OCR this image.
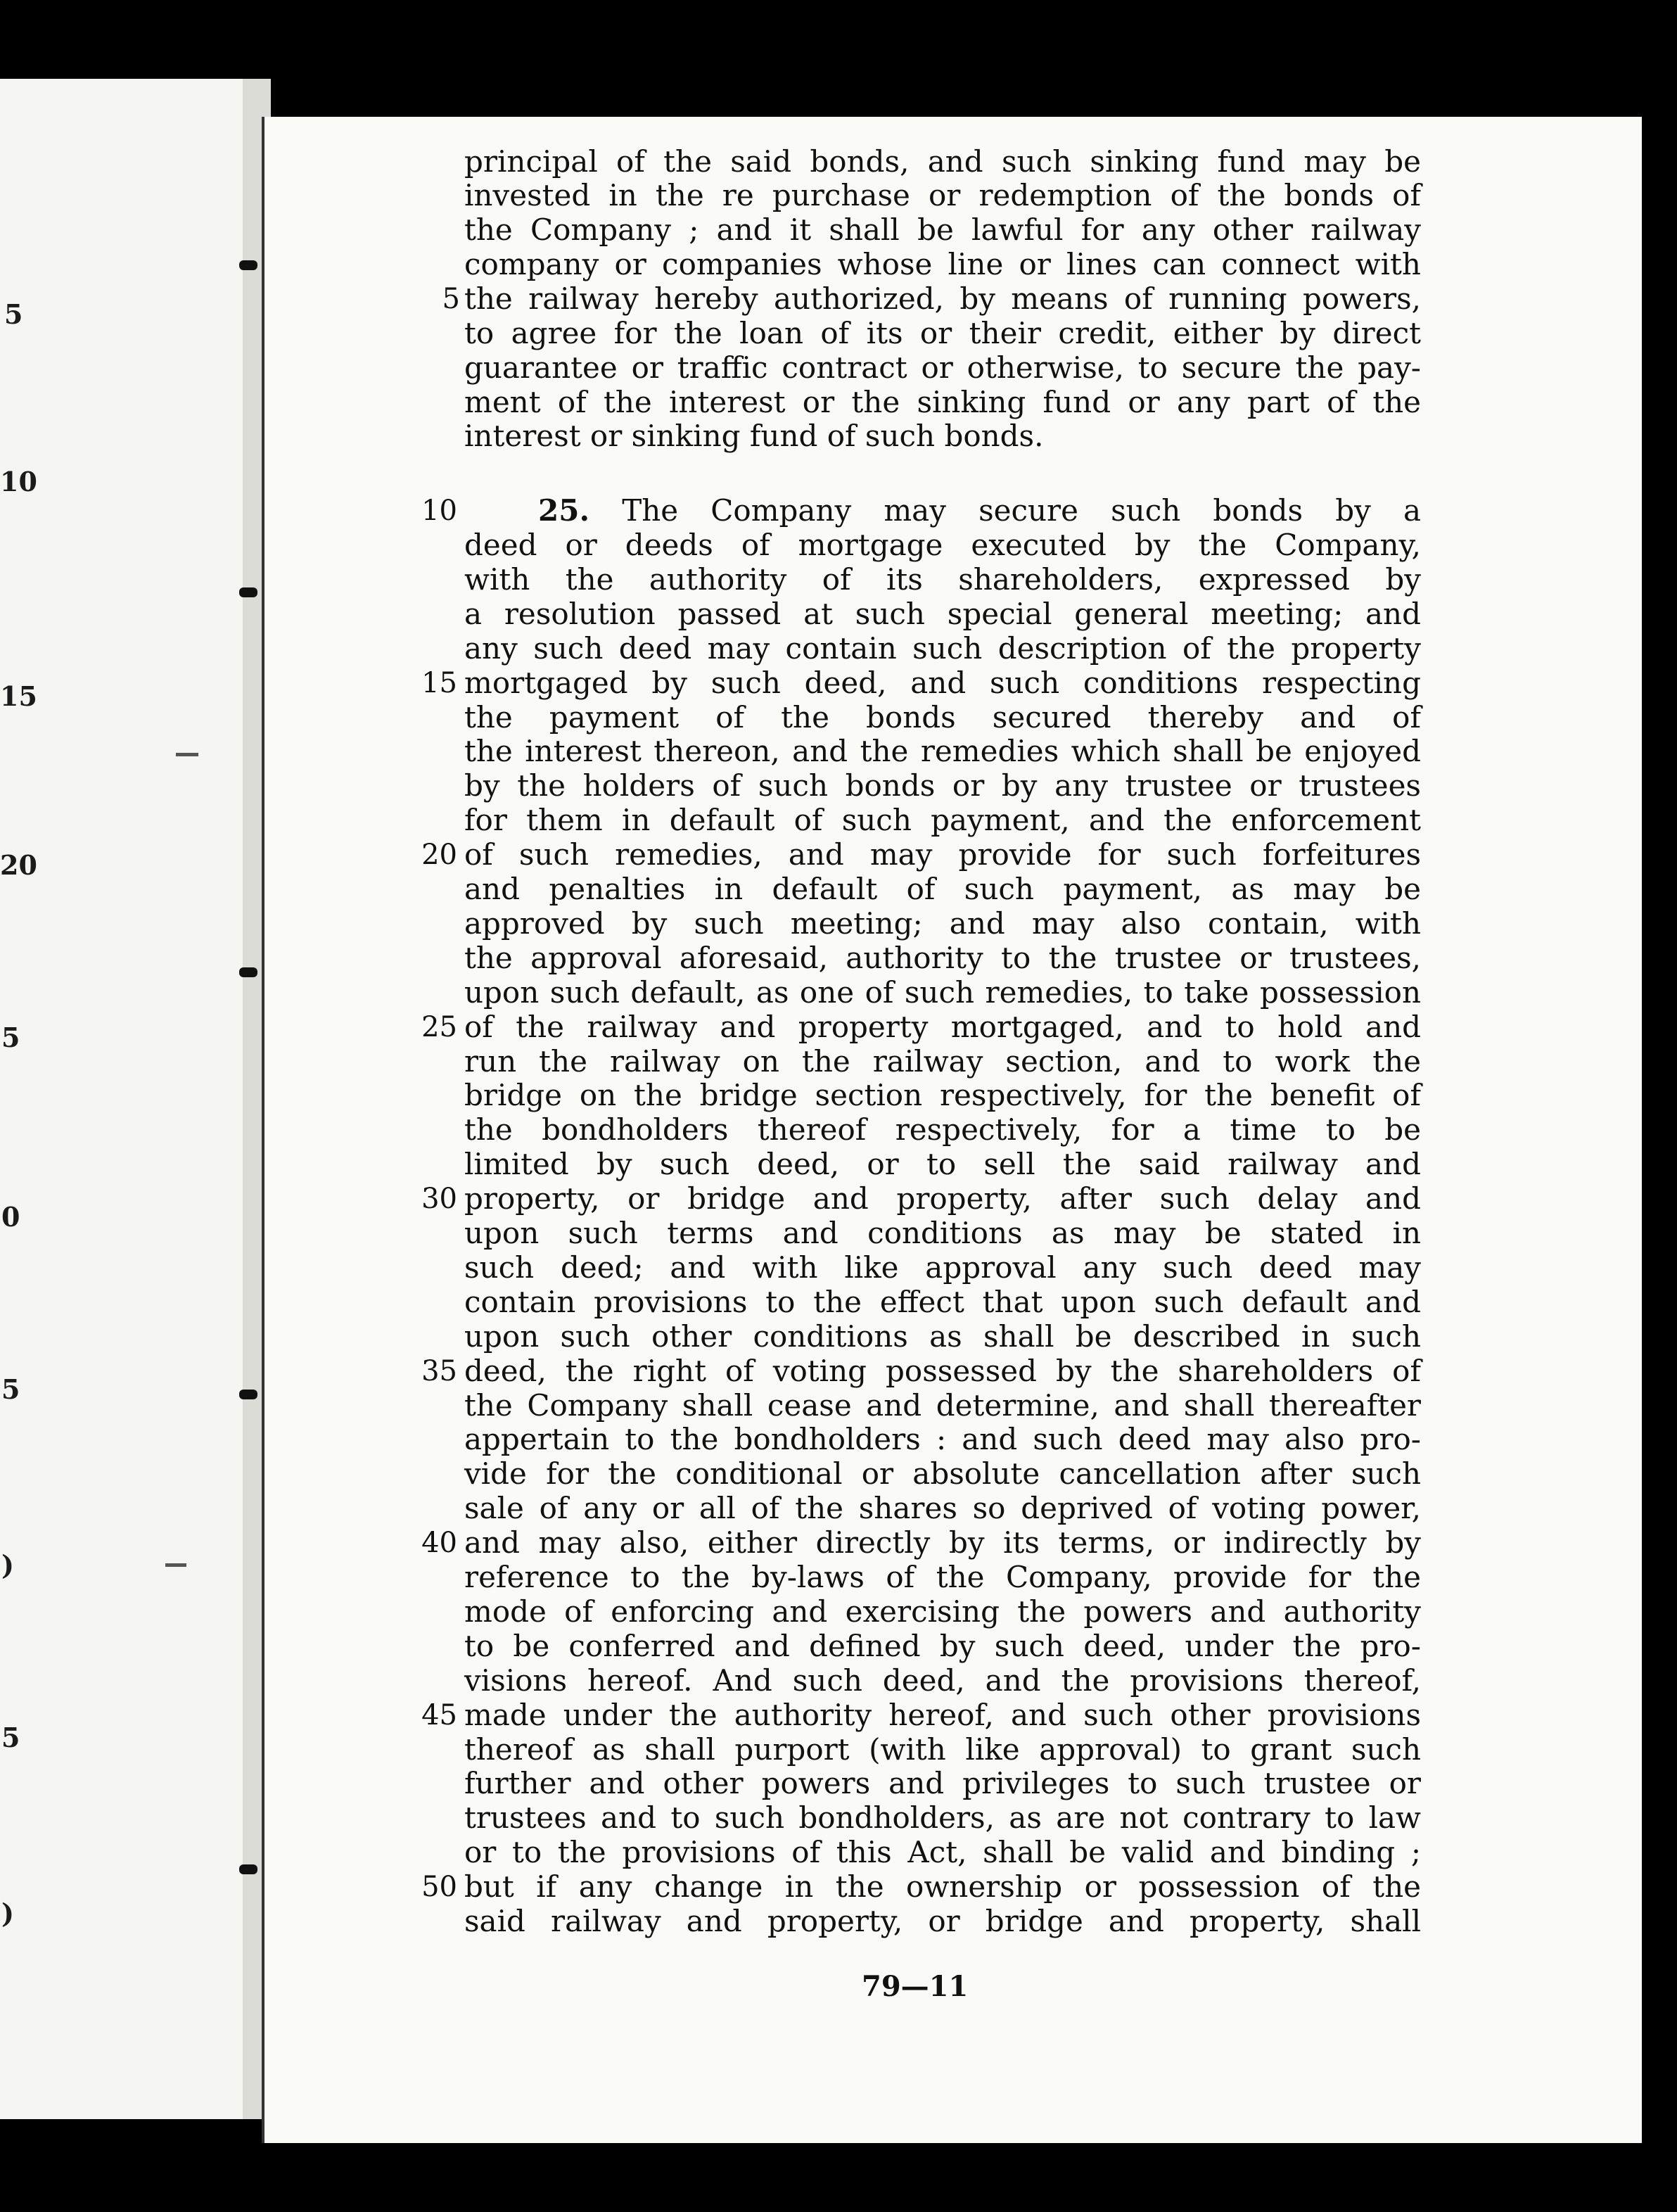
5
10
15
20
5
0
5
)
5
)
principal of the said bonds, and such sinking fund may be
invested in the re purchase or redemption of the bonds of
the Company ; and it shall be lawful for any other railway
company or companies whose line or lines can connect with
5 the railway hereby authorized, by means of running powers,
to agree for the loan of its or their credit, either by direct
guarantee or traffic contract or otherwise, to secure the pay-
ment of the interest or the sinking fund or any part of the
interest or sinking fund of such bonds.
10	25. The Company may secure such bonds by a
deed or deeds of mortgage executed by the Company,
with the authority of its shareholders, expressed by
a resolution passed at such special general meeting; and
any such deed may contain such description of the property
mortgaged by such deed, and such conditions respecting
15
the payment of the bonds secured thereby and of
the interest thereon, and the remedies which shall be enjoyed
by the holders of such bonds or by any trustee or trustees
for them in default of such payment, and the enforcement
of such remedies, and may provide for such forfeitures
20
and penalties in default of such payment, as may be
approved by such meeting; and may also contain, with
the approval aforesaid, authority to the trustee or trustees,
upon such default, as one of such remedies, to take possession
of the railway and property mortgaged, and to hold and
25
run the railway on the railway section, and to work the
bridge on the bridge section respectively, for the benefit of
the bondholders thereof respectively, for a time to be
limited by such deed, or to sell the said railway and
property, or bridge and property, after such delay and
30
upon such terms and conditions as may be stated in
such deed; and with like approval any such deed may
contain provisions to the effect that upon such default and
upon such other conditions as shall be described in such
deed, the right of voting possessed by the shareholders of
35
the Company shall cease and determine, and shall thereafter
appertain to the bondholders : and such deed may also pro-
vide for the conditional or absolute cancellation after such
sale of any or all of the shares so deprived of voting power,
and may also, either directly by its terms, or indirectly by
40
reference to the by-laws of the Company, provide for the
mode of enforcing and exercising the powers and authority
to be conferred and defined by such deed, under the pro-
visions hereof. And such deed, and the provisions thereof,
made under the authority hereof, and such other provisions
45
thereof as shall purport (with like approval) to grant such
further and other powers and privileges to such trustee or
trustees and to such bondholders, as are not contrary to law
or to the provisions of this Act, shall be valid and binding ;
but if any change in the ownership or possession of the
50
said railway and property, or bridge and property, shall
79—11
